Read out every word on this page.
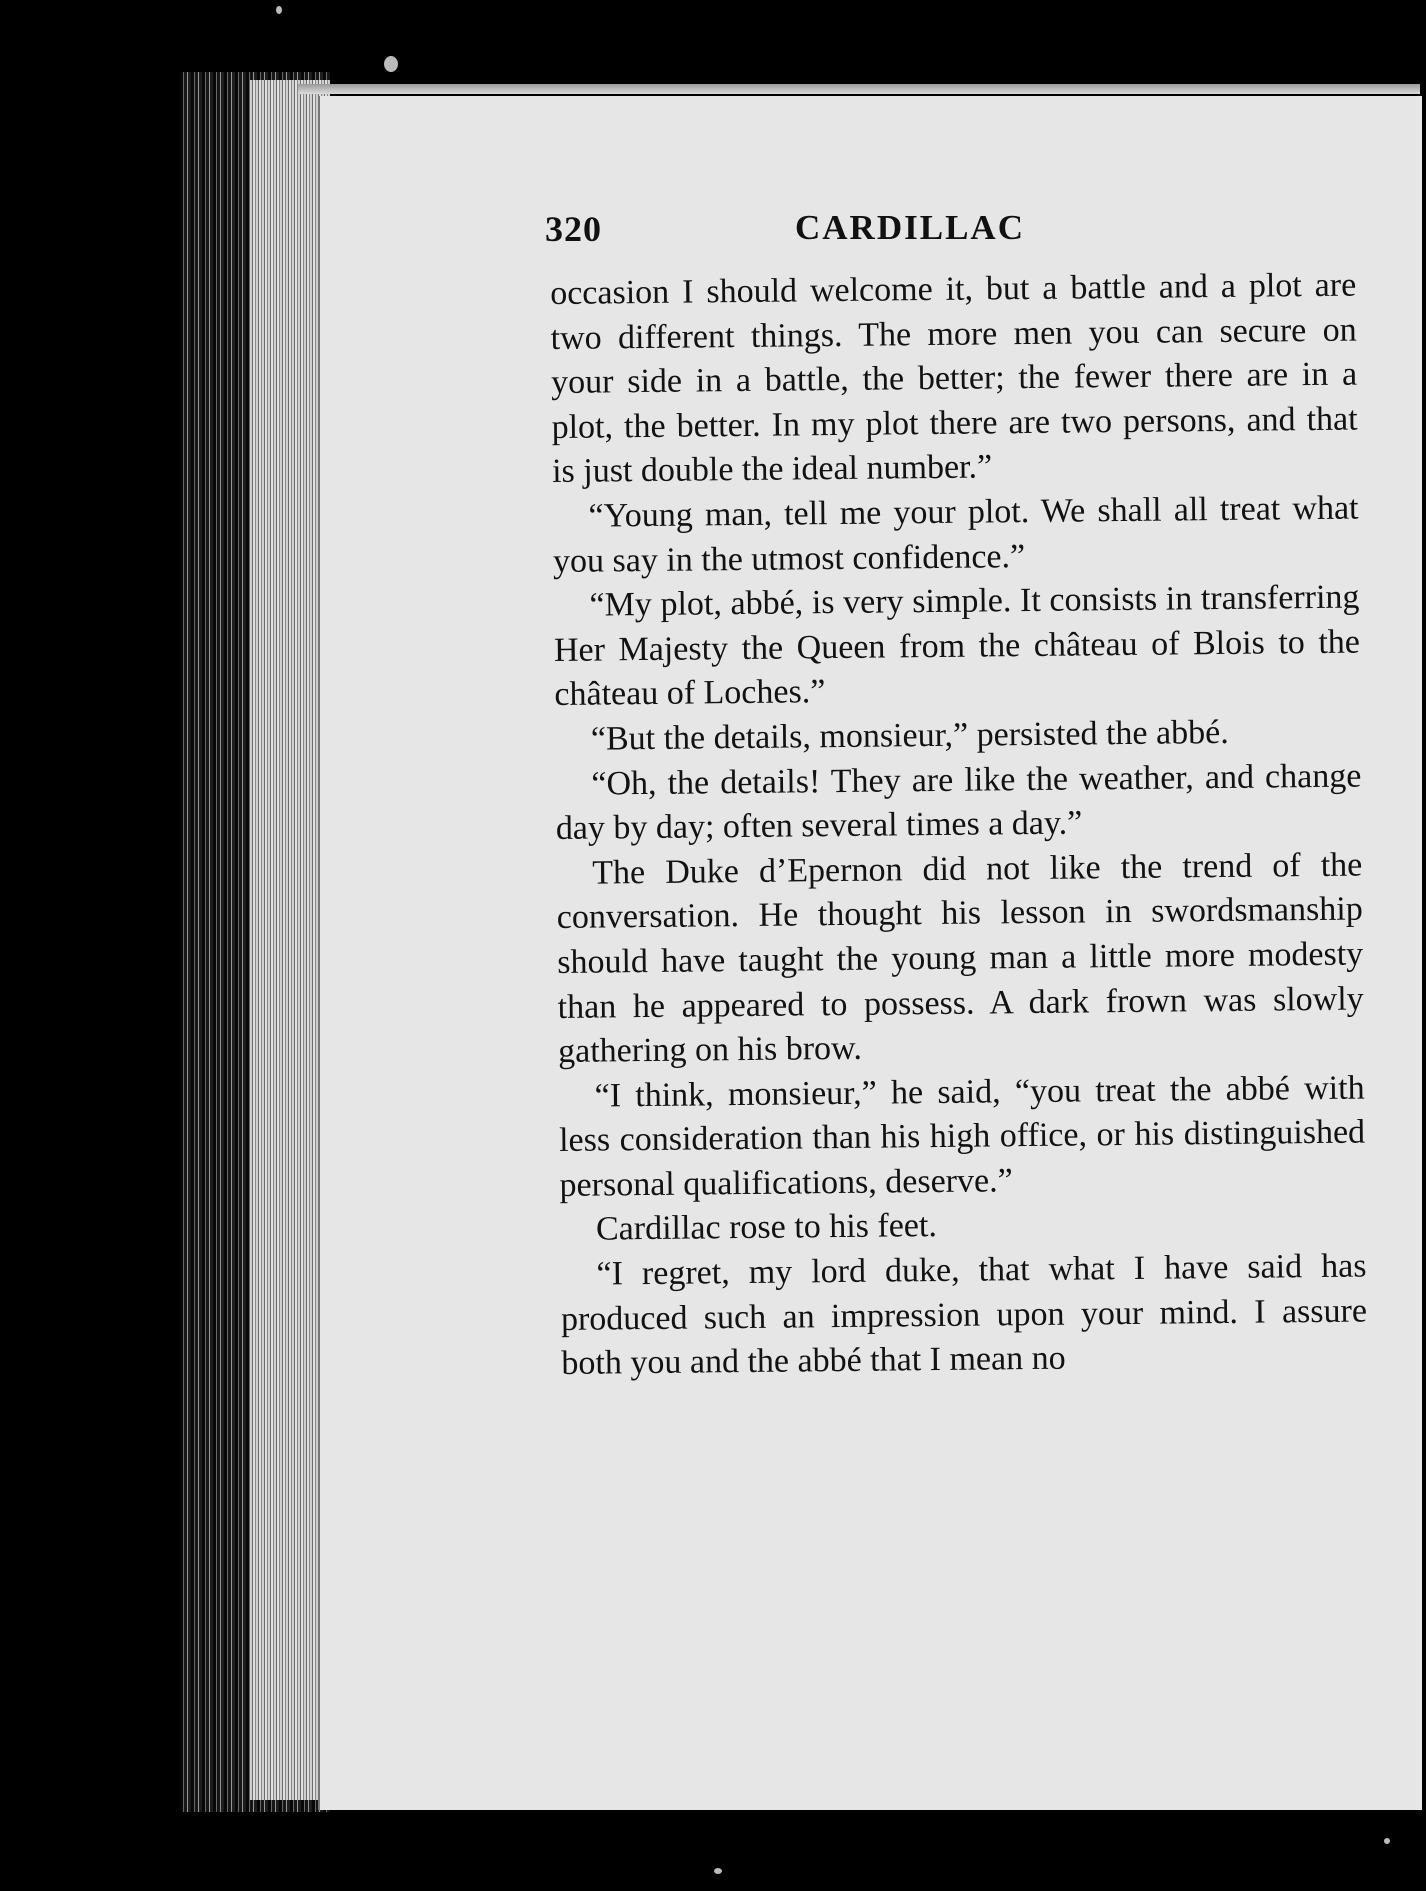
320	CARDILLAC

occasion I should welcome it, but a battle and a plot are two different things. The more men you can secure on your side in a battle, the better; the fewer there are in a plot, the better. In my plot there are two persons, and that is just double the ideal number.”

“Young man, tell me your plot. We shall all treat what you say in the utmost confidence.”

“My plot, abbé, is very simple. It consists in transferring Her Majesty the Queen from the château of Blois to the château of Loches.”

“But the details, monsieur,” persisted the abbé.

“Oh, the details! They are like the weather, and change day by day; often several times a day.”

The Duke d’Epernon did not like the trend of the conversation. He thought his lesson in swordsmanship should have taught the young man a little more modesty than he appeared to possess. A dark frown was slowly gathering on his brow.

“I think, monsieur,” he said, “you treat the abbé with less consideration than his high office, or his distinguished personal qualifications, deserve.”

Cardillac rose to his feet.

“I regret, my lord duke, that what I have said has produced such an impression upon your mind. I assure both you and the abbé that I mean no
